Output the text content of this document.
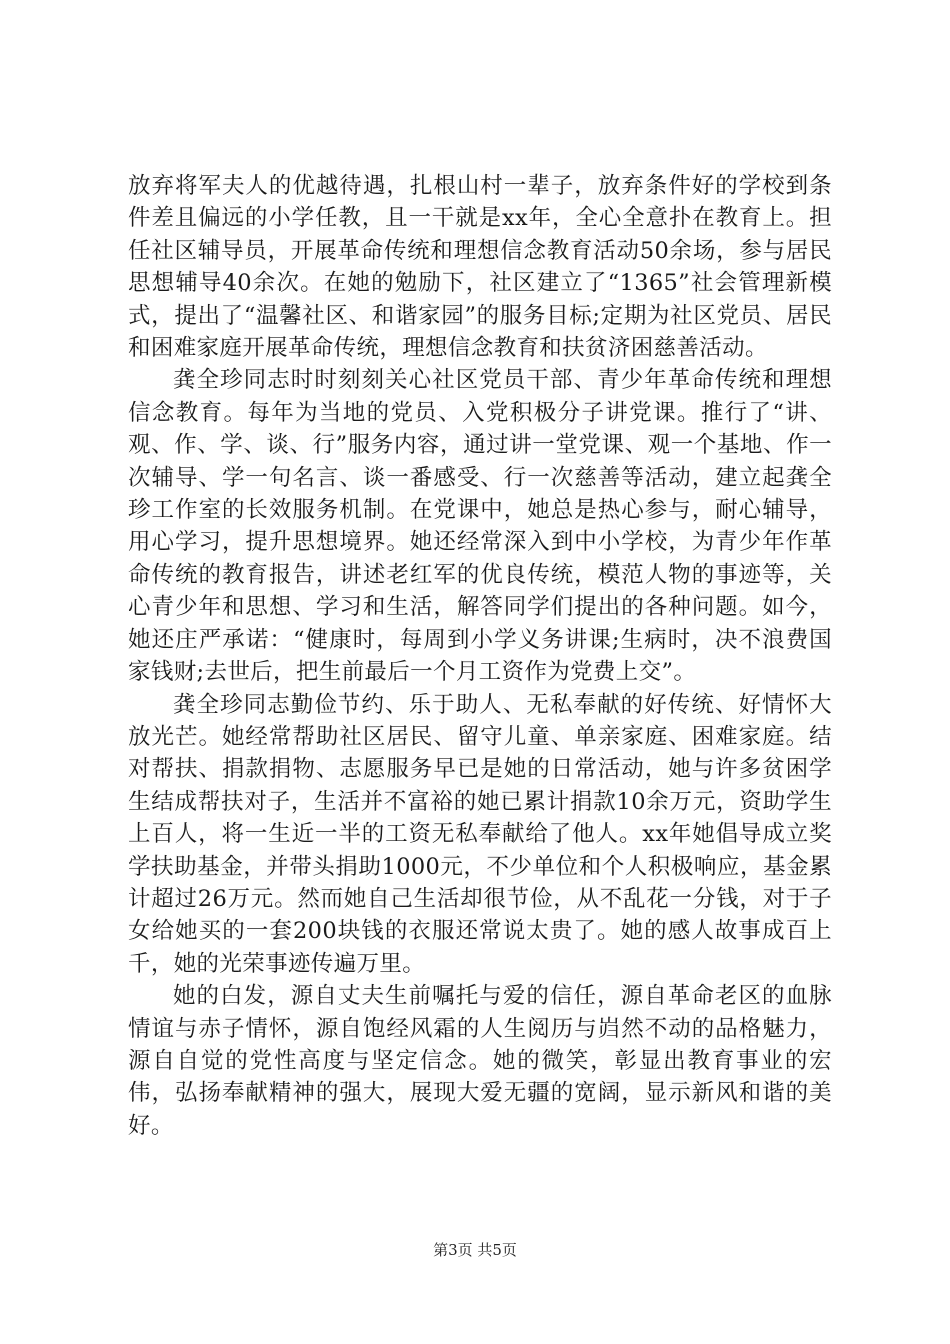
放弃将军夫人的优越待遇，扎根山村一辈子，放弃条件好的学校到条件差且偏远的小学任教，且一干就是xx年，全心全意扑在教育上。担任社区辅导员，开展革命传统和理想信念教育活动50余场，参与居民思想辅导40余次。在她的勉励下，社区建立了“1365”社会管理新模式，提出了“温馨社区、和谐家园”的服务目标;定期为社区党员、居民和困难家庭开展革命传统，理想信念教育和扶贫济困慈善活动。

龚全珍同志时时刻刻关心社区党员干部、青少年革命传统和理想信念教育。每年为当地的党员、入党积极分子讲党课。推行了“讲、观、作、学、谈、行”服务内容，通过讲一堂党课、观一个基地、作一次辅导、学一句名言、谈一番感受、行一次慈善等活动，建立起龚全珍工作室的长效服务机制。在党课中，她总是热心参与，耐心辅导，用心学习，提升思想境界。她还经常深入到中小学校，为青少年作革命传统的教育报告，讲述老红军的优良传统，模范人物的事迹等，关心青少年和思想、学习和生活，解答同学们提出的各种问题。如今，她还庄严承诺：“健康时，每周到小学义务讲课;生病时，决不浪费国家钱财;去世后，把生前最后一个月工资作为党费上交”。

龚全珍同志勤俭节约、乐于助人、无私奉献的好传统、好情怀大放光芒。她经常帮助社区居民、留守儿童、单亲家庭、困难家庭。结对帮扶、捐款捐物、志愿服务早已是她的日常活动，她与许多贫困学生结成帮扶对子，生活并不富裕的她已累计捐款10余万元，资助学生上百人，将一生近一半的工资无私奉献给了他人。xx年她倡导成立奖学扶助基金，并带头捐助1000元，不少单位和个人积极响应，基金累计超过26万元。然而她自己生活却很节俭，从不乱花一分钱，对于子女给她买的一套200块钱的衣服还常说太贵了。她的感人故事成百上千，她的光荣事迹传遍万里。

她的白发，源自丈夫生前嘱托与爱的信任，源自革命老区的血脉情谊与赤子情怀，源自饱经风霜的人生阅历与岿然不动的品格魅力，源自自觉的党性高度与坚定信念。她的微笑，彰显出教育事业的宏伟，弘扬奉献精神的强大，展现大爱无疆的宽阔，显示新风和谐的美好。

第3页 共5页
